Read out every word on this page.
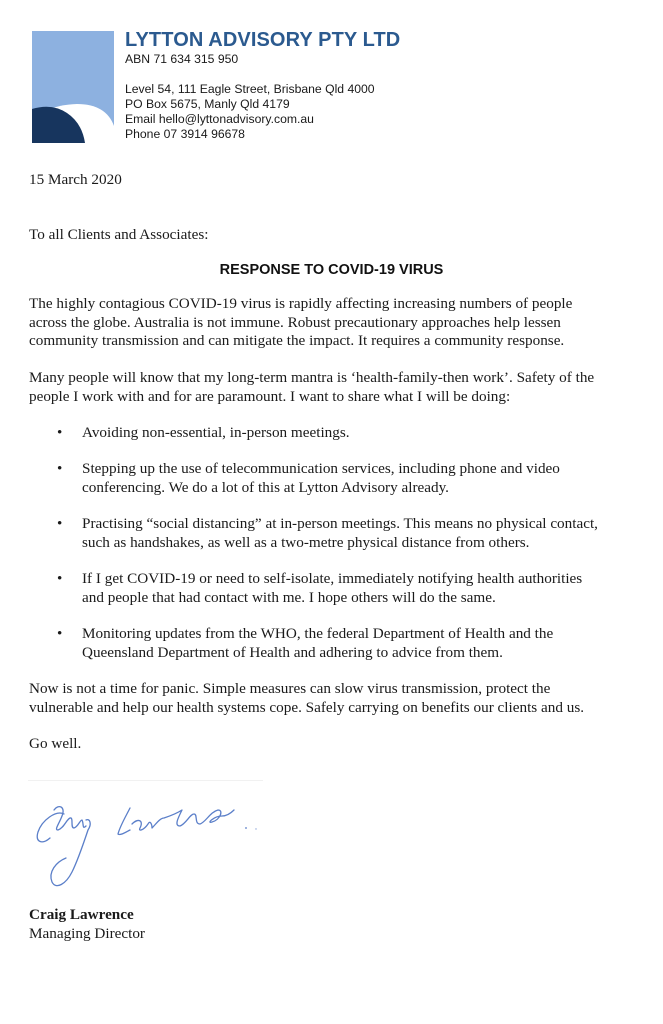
LYTTON ADVISORY PTY LTD
ABN 71 634 315 950
Level 54, 111 Eagle Street, Brisbane Qld 4000
PO Box 5675, Manly Qld 4179
Email hello@lyttonadvisory.com.au
Phone 07 3914 96678
15 March 2020
To all Clients and Associates:
RESPONSE TO COVID-19 VIRUS
The highly contagious COVID-19 virus is rapidly affecting increasing numbers of people
across the globe. Australia is not immune. Robust precautionary approaches help lessen
community transmission and can mitigate the impact. It requires a community response.
Many people will know that my long-term mantra is ‘health-family-then work’. Safety of the
people I work with and for are paramount. I want to share what I will be doing:
•	Avoiding non-essential, in-person meetings.
•	Stepping up the use of telecommunication services, including phone and video
conferencing. We do a lot of this at Lytton Advisory already.
•	Practising “social distancing” at in-person meetings. This means no physical contact,
such as handshakes, as well as a two-metre physical distance from others.
•	If I get COVID-19 or need to self-isolate, immediately notifying health authorities
and people that had contact with me. I hope others will do the same.
•	Monitoring updates from the WHO, the federal Department of Health and the
Queensland Department of Health and adhering to advice from them.
Now is not a time for panic. Simple measures can slow virus transmission, protect the
vulnerable and help our health systems cope. Safely carrying on benefits our clients and us.
Go well.
Craig Lawrence
Managing Director
